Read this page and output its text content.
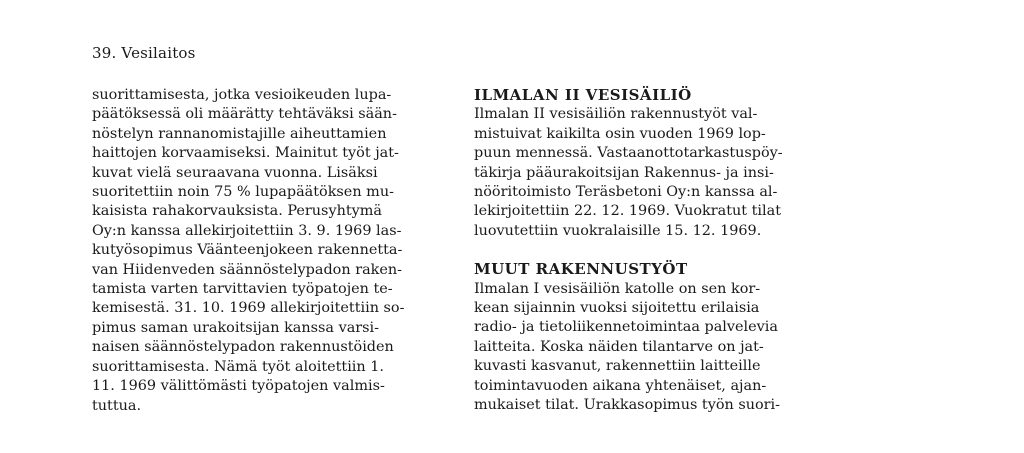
39. Vesilaitos
suorittamisesta, jotka vesioikeuden lupa-
päätöksessä oli määrätty tehtäväksi sään-
nöstelyn rannanomistajille aiheuttamien
haittojen korvaamiseksi. Mainitut työt jat-
kuvat vielä seuraavana vuonna. Lisäksi
suoritettiin noin 75 % lupapäätöksen mu-
kaisista rahakorvauksista. Perusyhtymä
Oy:n kanssa allekirjoitettiin 3. 9. 1969 las-
kutyösopimus Väänteenjokeen rakennetta-
van Hiidenveden säännöstelypadon raken-
tamista varten tarvittavien työpatojen te-
kemisestä. 31. 10. 1969 allekirjoitettiin so-
pimus saman urakoitsijan kanssa varsi-
naisen säännöstelypadon rakennustöiden
suorittamisesta. Nämä työt aloitettiin 1.
11. 1969 välittömästi työpatojen valmis-
tuttua.
ILMALAN II VESISÄILIÖ
Ilmalan II vesisäiliön rakennustyöt val-
mistuivat kaikilta osin vuoden 1969 lop-
puun mennessä. Vastaanottotarkastuspöy-
täkirja pääurakoitsijan Rakennus- ja insi-
nööritoimisto Teräsbetoni Oy:n kanssa al-
lekirjoitettiin 22. 12. 1969. Vuokratut tilat
luovutettiin vuokralaisille 15. 12. 1969.
MUUT RAKENNUSTYÖT
Ilmalan I vesisäiliön katolle on sen kor-
kean sijainnin vuoksi sijoitettu erilaisia
radio- ja tietoliikennetoimintaa palvelevia
laitteita. Koska näiden tilantarve on jat-
kuvasti kasvanut, rakennettiin laitteille
toimintavuoden aikana yhtenäiset, ajan-
mukaiset tilat. Urakkasopimus työn suori-
